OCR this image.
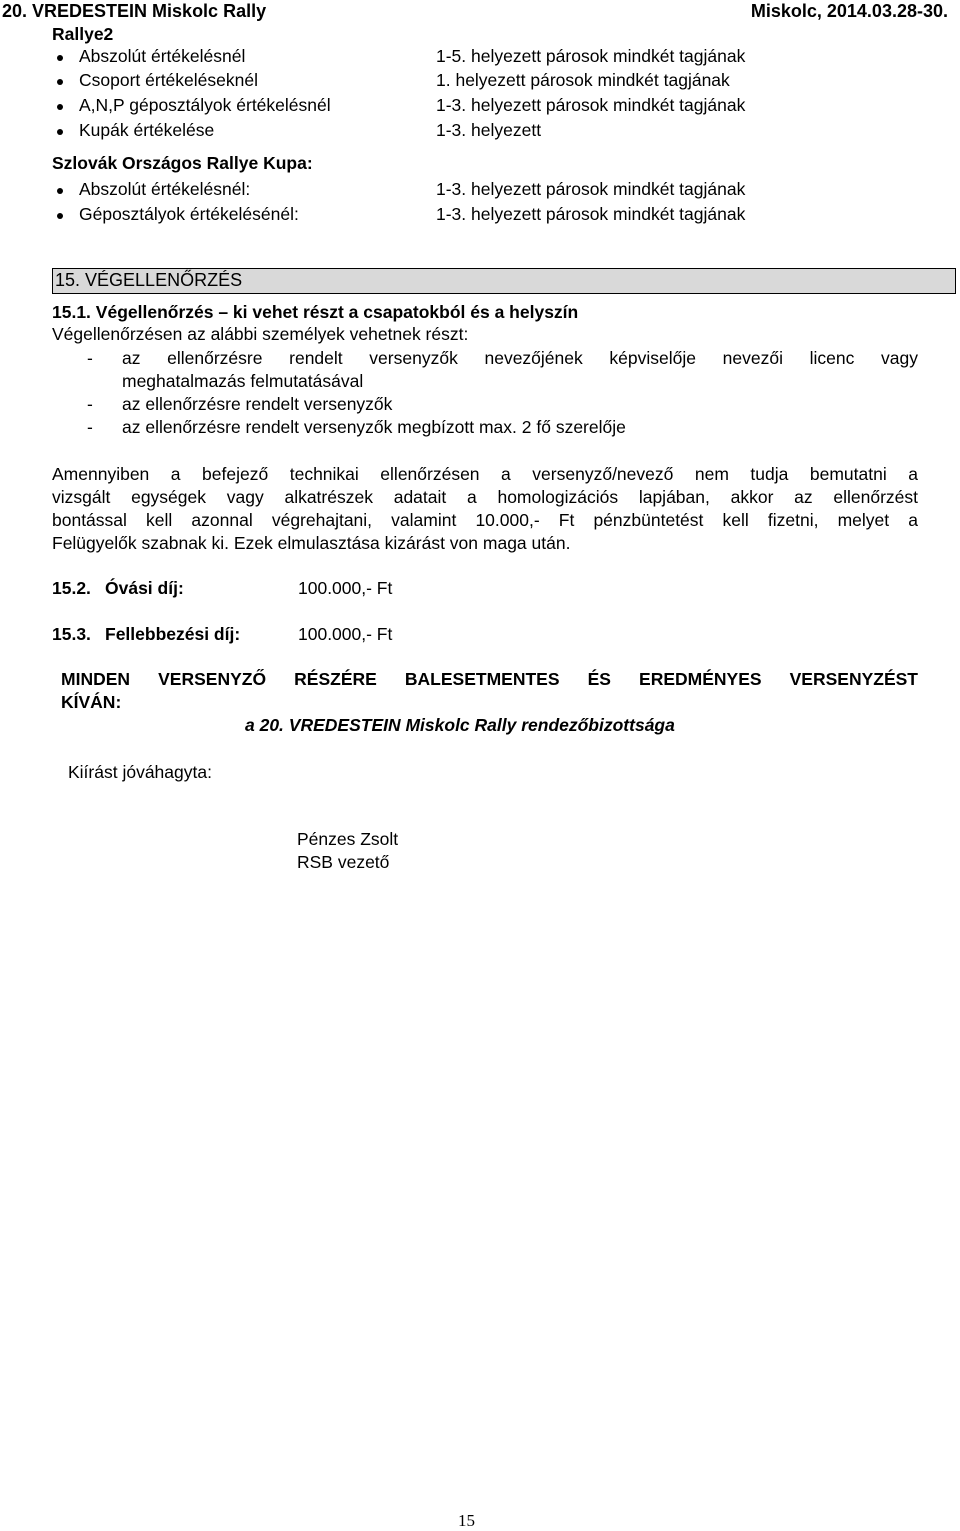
20. VREDESTEIN Miskolc Rally	Miskolc, 2014.03.28-30.
Rallye2
Abszolút értékelésnél	1-5. helyezett párosok mindkét tagjának
Csoport értékeléseknél	1. helyezett párosok mindkét tagjának
A,N,P géposztályok értékelésnél	1-3. helyezett párosok mindkét tagjának
Kupák értékelése	1-3. helyezett
Szlovák Országos Rallye Kupa:
Abszolút értékelésnél:	1-3. helyezett párosok mindkét tagjának
Géposztályok értékelésénél:	1-3. helyezett párosok mindkét tagjának
15. VÉGELLENŐRZÉS
15.1. Végellenőrzés – ki vehet részt a csapatokból és a helyszín
Végellenőrzésen az alábbi személyek vehetnek részt:
- az ellenőrzésre rendelt versenyzők nevezőjének képviselője nevezői licenc vagy
meghatalmazás felmutatásával
- az ellenőrzésre rendelt versenyzők
- az ellenőrzésre rendelt versenyzők megbízott max. 2 fő szerelője
Amennyiben a befejező technikai ellenőrzésen a versenyző/nevező nem tudja bemutatni a
vizsgált egységek vagy alkatrészek adatait a homologizációs lapjában, akkor az ellenőrzést
bontással kell azonnal végrehajtani, valamint 10.000,- Ft pénzbüntetést kell fizetni, melyet a
Felügyelők szabnak ki. Ezek elmulasztása kizárást von maga után.
15.2. Óvási díj:	100.000,- Ft
15.3. Fellebbezési díj:	100.000,- Ft
MINDEN VERSENYZŐ RÉSZÉRE BALESETMENTES ÉS EREDMÉNYES VERSENYZÉST
KÍVÁN:
a 20. VREDESTEIN Miskolc Rally rendezőbizottsága
Kiírást jóváhagyta:
Pénzes Zsolt
RSB vezető
15
